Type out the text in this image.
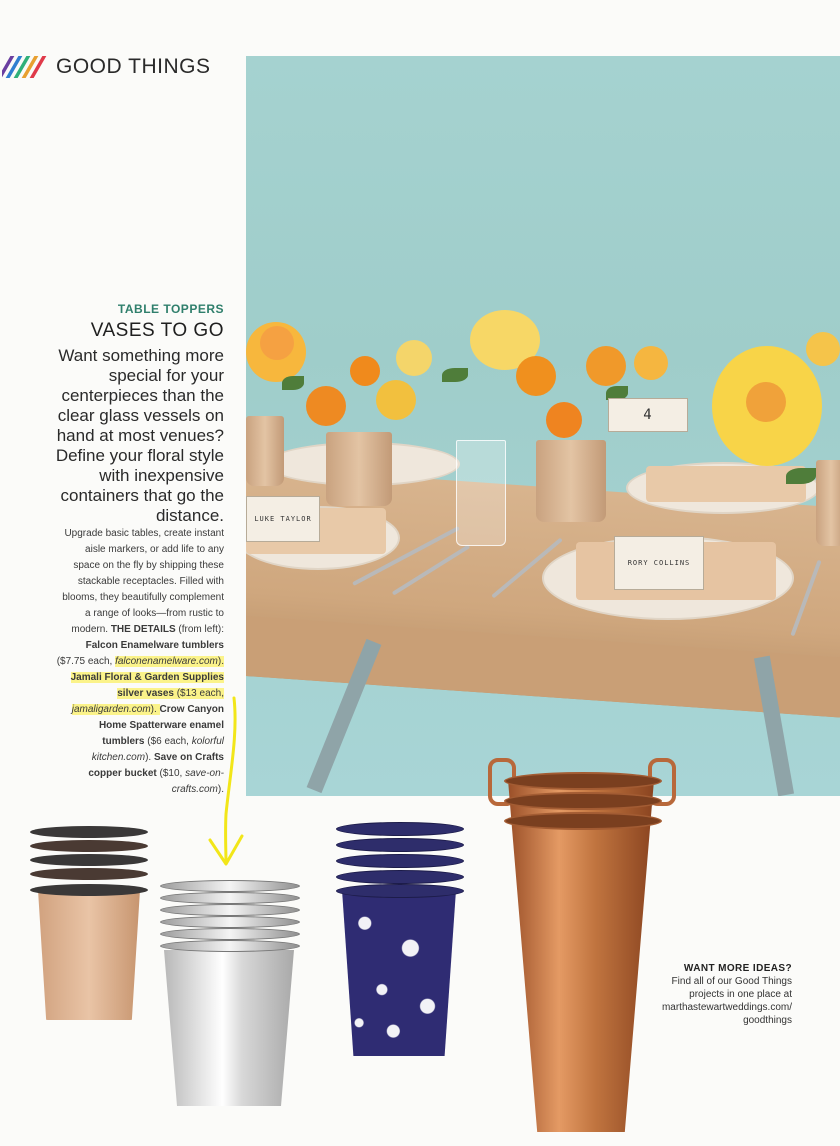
GOOD THINGS
4
LUKE TAYLOR
RORY COLLINS
TABLE TOPPERS
VASES TO GO
Want something more special for your centerpieces than the clear glass vessels on hand at most venues? Define your floral style with inexpensive containers that go the distance.
Upgrade basic tables, create instant aisle markers, or add life to any space on the fly by shipping these stackable receptacles. Filled with blooms, they beautifully complement a range of looks—from rustic to modern. THE DETAILS (from left): Falcon Enamelware tumblers ($7.75 each, falconenamelware.com). Jamali Floral & Garden Supplies silver vases ($13 each, jamaligarden.com). Crow Canyon Home Spatterware enamel tumblers ($6 each, kolorful kitchen.com). Save on Crafts copper bucket ($10, save-on-crafts.com).
WANT MORE IDEAS?
Find all of our Good Things
projects in one place at
marthastewartweddings.com/
goodthings
